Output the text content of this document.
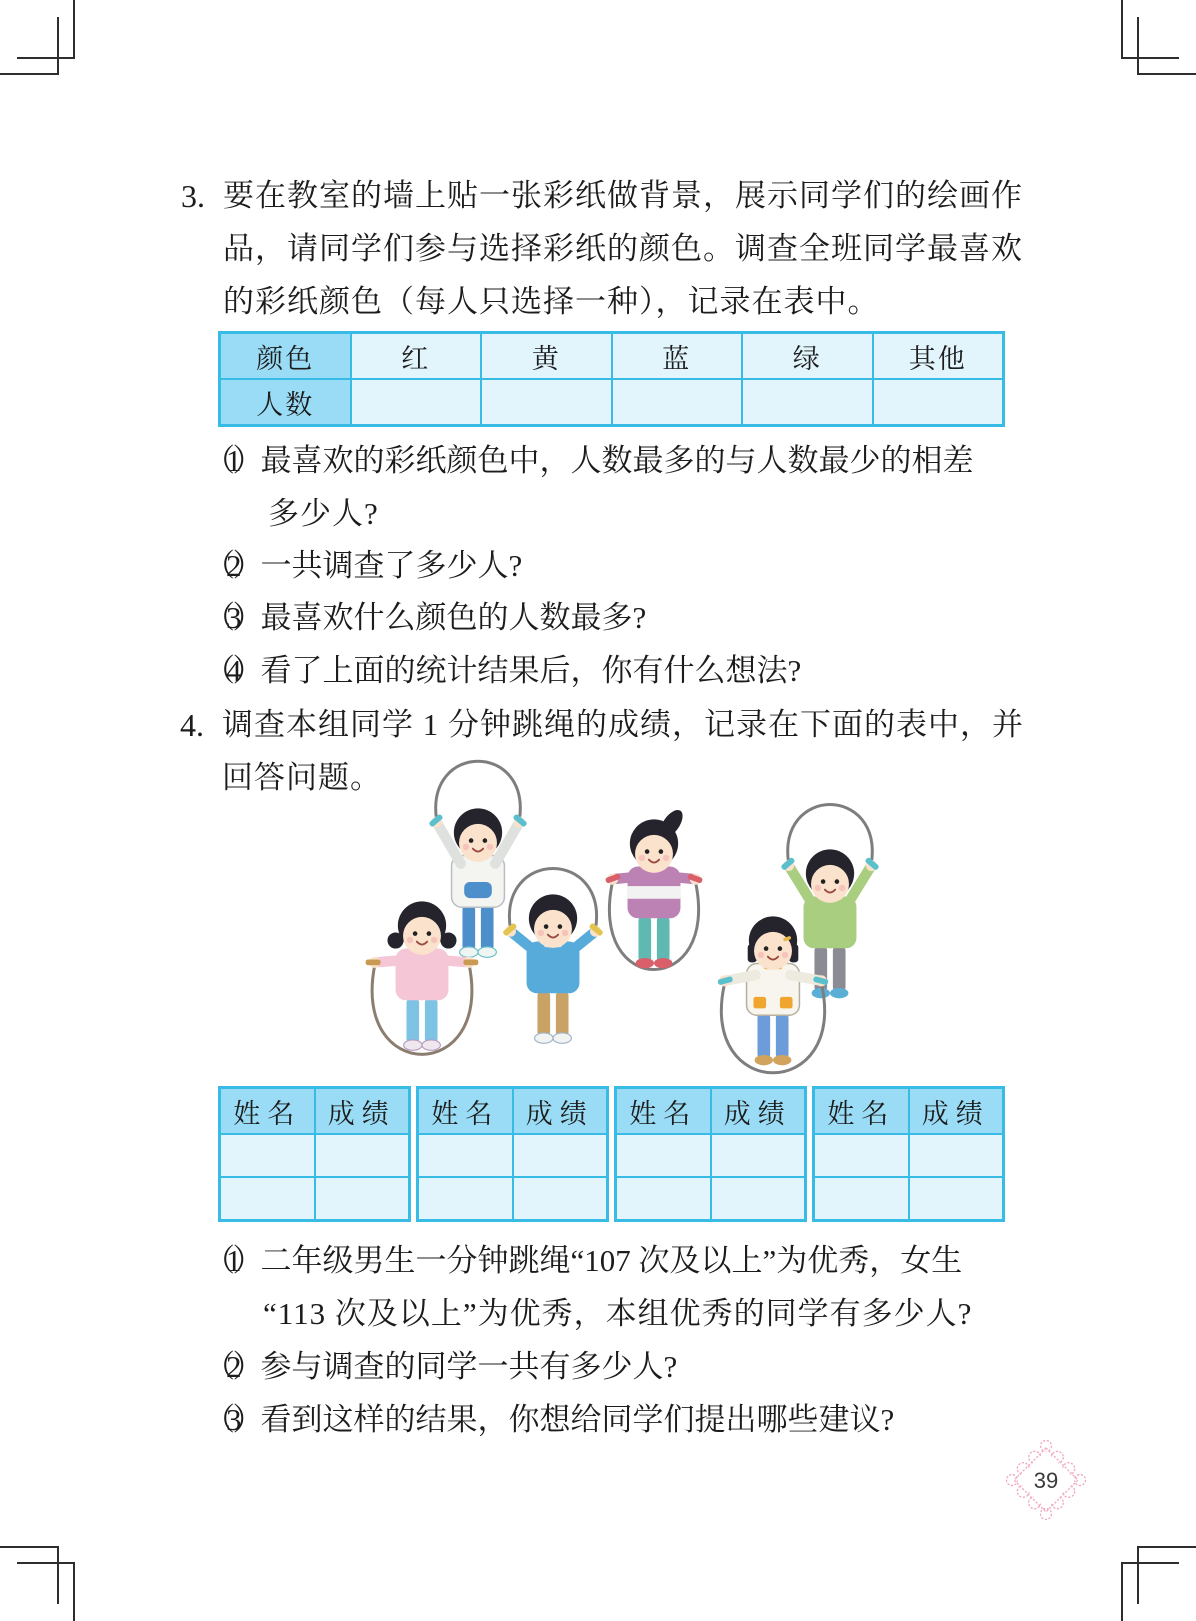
3. 要在教室的墙上贴一张彩纸做背景，展示同学们的绘画作
品，请同学们参与选择彩纸的颜色。调查全班同学最喜欢
的彩纸颜色（每人只选择一种），记录在表中。
颜色	红	黄	蓝	绿	其他
人数
（1） 最喜欢的彩纸颜色中，人数最多的与人数最少的相差
多少人?
（2） 一共调查了多少人?
（3） 最喜欢什么颜色的人数最多?
（4） 看了上面的统计结果后，你有什么想法?
4. 调查本组同学 1 分钟跳绳的成绩，记录在下面的表中，并
回答问题。
姓名 成绩	姓名 成绩	姓名 成绩	姓名 成绩
（1） 二年级男生一分钟跳绳“107 次及以上”为优秀，女生
“113 次及以上”为优秀，本组优秀的同学有多少人?
（2） 参与调查的同学一共有多少人?
（3） 看到这样的结果，你想给同学们提出哪些建议?
39
